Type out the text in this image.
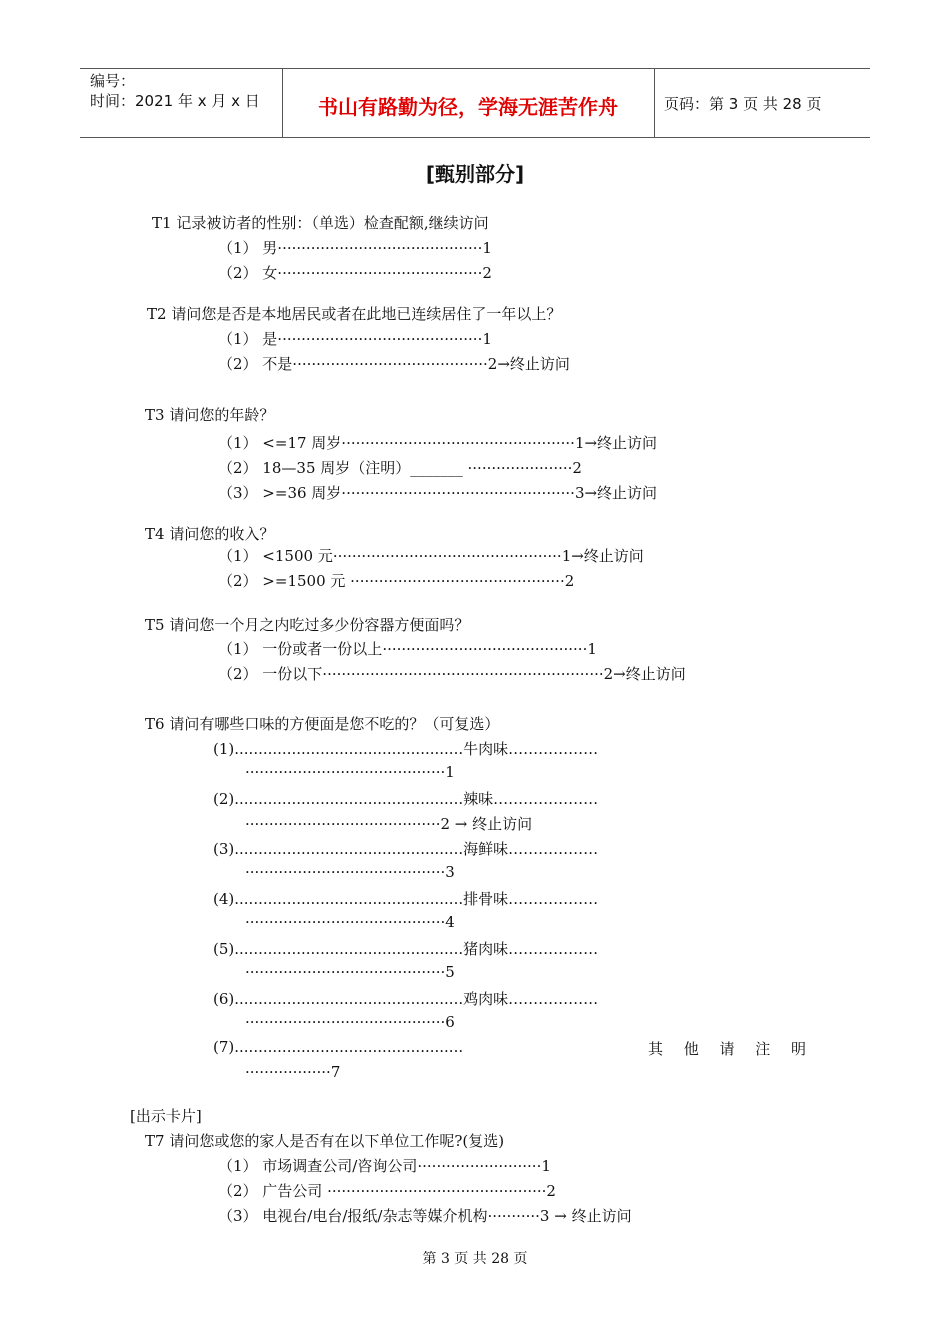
编号：
时间：2021 年 x 月 x 日	书山有路勤为径，学海无涯苦作舟	页码：第 3 页 共 28 页
[甄别部分]
T1 记录被访者的性别：（单选）检查配额,继续访问
（1） 男···········································1
（2） 女···········································2
T2 请问您是否是本地居民或者在此地已连续居住了一年以上？
（1） 是···········································1
（2） 不是·········································2→终止访问
T3 请问您的年龄？
（1） <=17 周岁·················································1→终止访问
（2） 18—35 周岁（注明）_______ ······················2
（3） >=36 周岁·················································3→终止访问
T4 请问您的收入？
（1） <1500 元················································1→终止访问
（2） >=1500 元 ·············································2
T5 请问您一个月之内吃过多少份容器方便面吗？
（1） 一份或者一份以上···········································1
（2） 一份以下···························································2→终止访问
T6 请问有哪些口味的方便面是您不吃的？（可复选）
(1)................................................牛肉味………………
··········································1
(2)................................................辣味…………………
·········································2 → 终止访问
(3)................................................海鲜味………………
··········································3
(4)................................................排骨味………………
··········································4
(5)................................................猪肉味………………
··········································5
(6)................................................鸡肉味………………
··········································6
(7)................................................	其 他 请 注 明
··················7
[出示卡片]
T7 请问您或您的家人是否有在以下单位工作呢?(复选)
（1） 市场调查公司/咨询公司··························1
（2） 广告公司 ··············································2
（3） 电视台/电台/报纸/杂志等媒介机构···········3 → 终止访问
第 3 页 共 28 页
